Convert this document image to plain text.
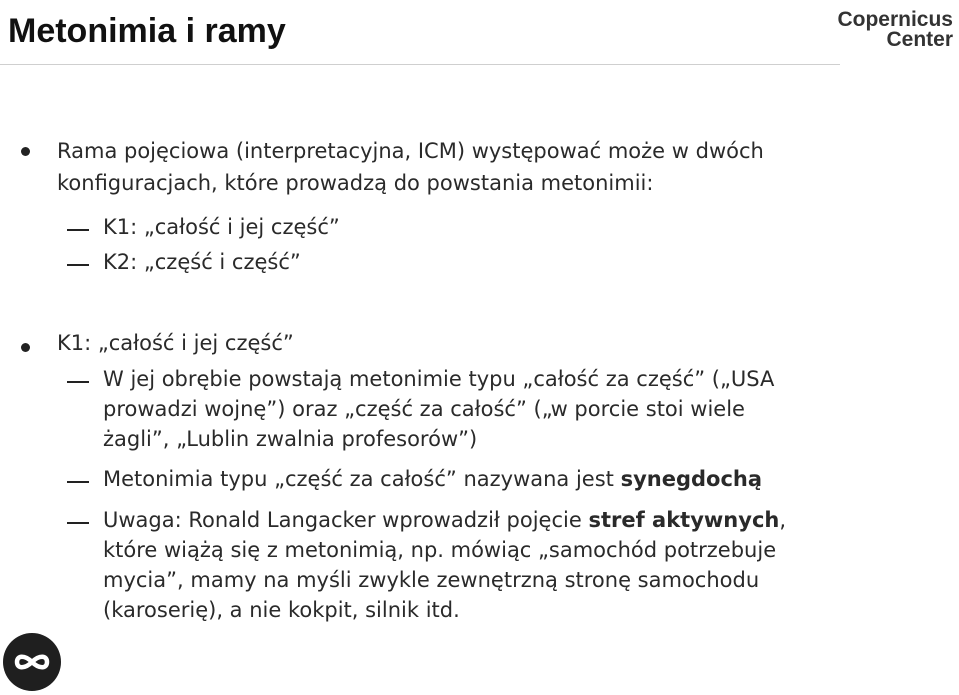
Metonimia i ramy	Copernicus
Center
Rama pojęciowa (interpretacyjna, ICM) występować może w dwóch
konfiguracjach, które prowadzą do powstania metonimii:
K1: „całość i jej część”
K2: „część i część”
K1: „całość i jej część”
W jej obrębie powstają metonimie typu „całość za część” („USA
prowadzi wojnę”) oraz „część za całość” („w porcie stoi wiele
żagli”, „Lublin zwalnia profesorów”)
Metonimia typu „część za całość” nazywana jest synegdochą
Uwaga: Ronald Langacker wprowadził pojęcie stref aktywnych,
które wiążą się z metonimią, np. mówiąc „samochód potrzebuje
mycia”, mamy na myśli zwykle zewnętrzną stronę samochodu
(karoserię), a nie kokpit, silnik itd.
